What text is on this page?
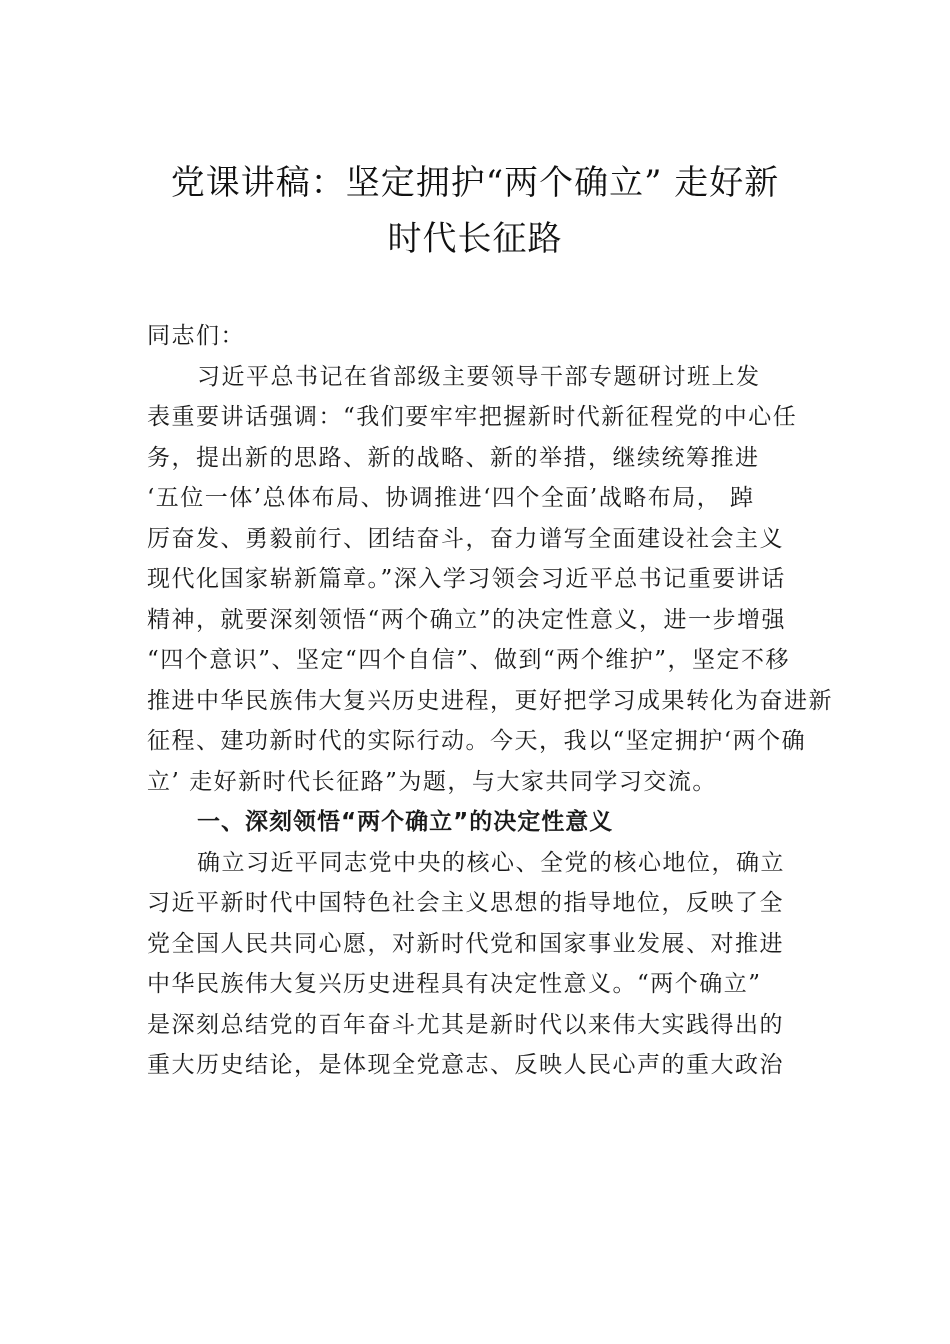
党课讲稿：坚定拥护“两个确立” 走好新
时代长征路
同志们：
习近平总书记在省部级主要领导干部专题研讨班上发
表重要讲话强调：“我们要牢牢把握新时代新征程党的中心任
务，提出新的思路、新的战略、新的举措，继续统筹推进
‘五位一体’总体布局、协调推进‘四个全面’战略布局， 踔
厉奋发、勇毅前行、团结奋斗，奋力谱写全面建设社会主义
现代化国家崭新篇章。”深入学习领会习近平总书记重要讲话
精神，就要深刻领悟“两个确立”的决定性意义，进一步增强
“四个意识”、坚定“四个自信”、做到“两个维护”，坚定不移
推进中华民族伟大复兴历史进程，更好把学习成果转化为奋进新
征程、建功新时代的实际行动。今天，我以“坚定拥护‘两个确
立’ 走好新时代长征路”为题，与大家共同学习交流。
一、深刻领悟“两个确立”的决定性意义
确立习近平同志党中央的核心、全党的核心地位，确立
习近平新时代中国特色社会主义思想的指导地位，反映了全
党全国人民共同心愿，对新时代党和国家事业发展、对推进
中华民族伟大复兴历史进程具有决定性意义。“两个确立”
是深刻总结党的百年奋斗尤其是新时代以来伟大实践得出的
重大历史结论，是体现全党意志、反映人民心声的重大政治
